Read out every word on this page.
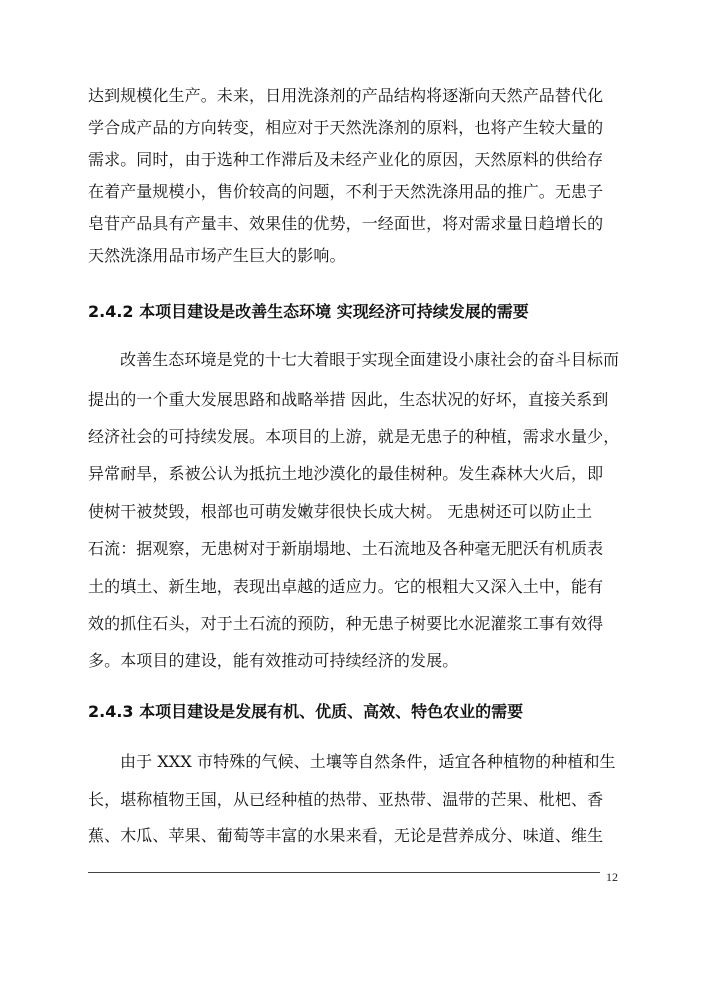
达到规模化生产。未来，日用洗涤剂的产品结构将逐渐向天然产品替代化
学合成产品的方向转变，相应对于天然洗涤剂的原料，也将产生较大量的
需求。同时，由于选种工作滞后及未经产业化的原因，天然原料的供给存
在着产量规模小，售价较高的问题，不利于天然洗涤用品的推广。无患子
皂苷产品具有产量丰、效果佳的优势，一经面世，将对需求量日趋增长的
天然洗涤用品市场产生巨大的影响。
2.4.2 本项目建设是改善生态环境 实现经济可持续发展的需要
改善生态环境是党的十七大着眼于实现全面建设小康社会的奋斗目标而
提出的一个重大发展思路和战略举措 因此，生态状况的好坏，直接关系到
经济社会的可持续发展。本项目的上游，就是无患子的种植，需求水量少，
异常耐旱，系被公认为抵抗土地沙漠化的最佳树种。发生森林大火后，即
使树干被焚毁，根部也可萌发嫩芽很快长成大树。 无患树还可以防止土
石流：据观察，无患树对于新崩塌地、土石流地及各种毫无肥沃有机质表
土的填土、新生地，表现出卓越的适应力。它的根粗大又深入土中，能有
效的抓住石头，对于土石流的预防，种无患子树要比水泥灌浆工事有效得
多。本项目的建设，能有效推动可持续经济的发展。
2.4.3 本项目建设是发展有机、优质、高效、特色农业的需要
由于 XXX 市特殊的气候、土壤等自然条件，适宜各种植物的种植和生
长，堪称植物王国，从已经种植的热带、亚热带、温带的芒果、枇杷、香
蕉、木瓜、苹果、葡萄等丰富的水果来看，无论是营养成分、味道、维生
12
